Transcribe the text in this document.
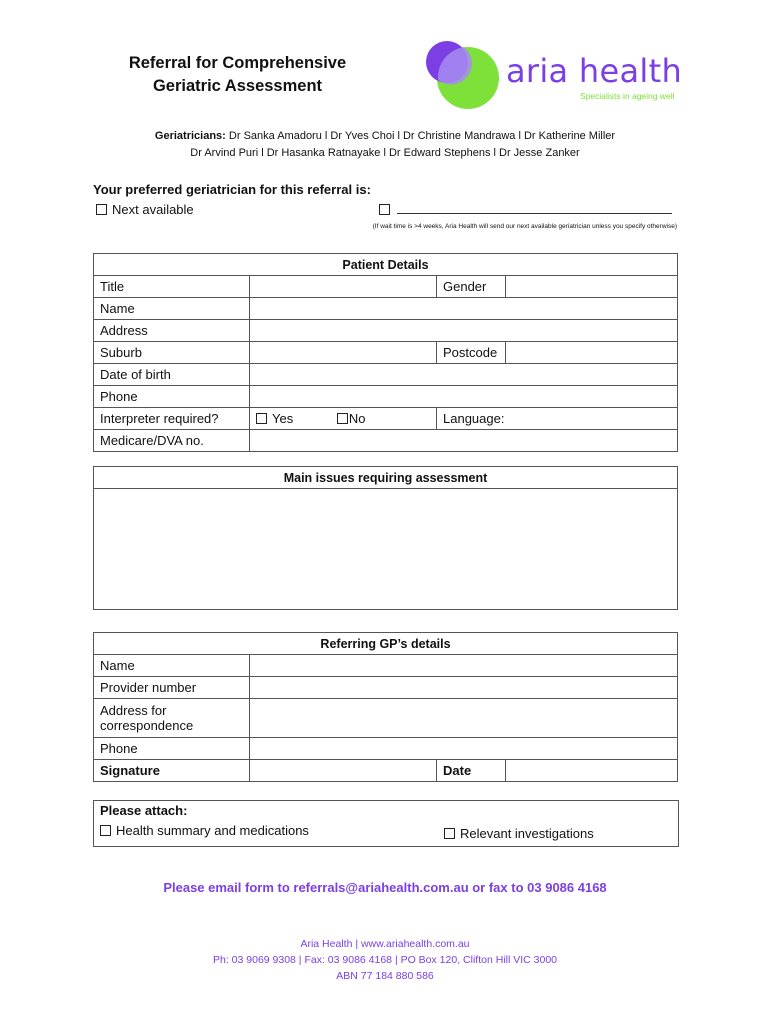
Referral for Comprehensive
Geriatric Assessment	aria health
Specialists in ageing well
Geriatricians: Dr Sanka Amadoru l Dr Yves Choi l Dr Christine Mandrawa l Dr Katherine Miller
Dr Arvind Puri l Dr Hasanka Ratnayake l Dr Edward Stephens l Dr Jesse Zanker
Your preferred geriatrician for this referral is:
Next available
(If wait time is >4 weeks, Aria Health will send our next available geriatrician unless you specify otherwise)
Patient Details			
Title		Gender	
Name			
Address			
Suburb		Postcode	
Date of birth			
Phone			
Interpreter required?	Yes No	Language:	
Medicare/DVA no.			
Main issues requiring assessment

Referring GP’s details			
Name			
Provider number			

Address for
correspondence			

Phone			
Signature		Date	
Please attach:
Health summary and medications	Relevant investigations
Please email form to referrals@ariahealth.com.au or fax to 03 9086 4168
Aria Health | www.ariahealth.com.au
Ph: 03 9069 9308 | Fax: 03 9086 4168 | PO Box 120, Clifton Hill VIC 3000
ABN 77 184 880 586
